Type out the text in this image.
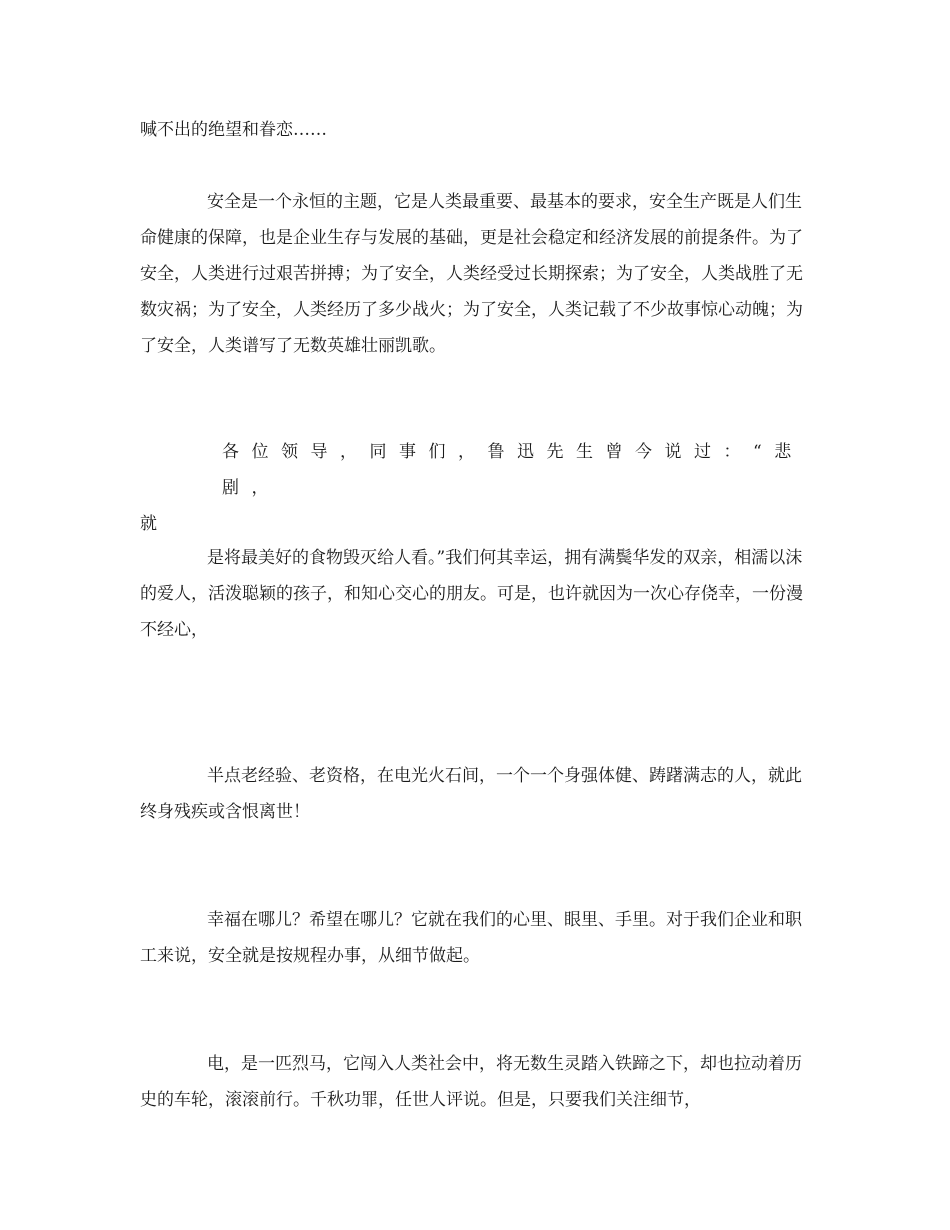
喊不出的绝望和眷恋……

安全是一个永恒的主题，它是人类最重要、最基本的要求，安全生产既是人们生命健康的保障，也是企业生存与发展的基础，更是社会稳定和经济发展的前提条件。为了安全，人类进行过艰苦拼搏；为了安全，人类经受过长期探索；为了安全，人类战胜了无数灾祸；为了安全，人类经历了多少战火；为了安全，人类记载了不少故事惊心动魄；为了安全，人类谱写了无数英雄壮丽凯歌。

各位领导，同事们，鲁迅先生曾今说过：“悲剧，
就

是将最美好的食物毁灭给人看。”我们何其幸运，拥有满鬓华发的双亲，相濡以沫的爱人，活泼聪颖的孩子，和知心交心的朋友。可是，也许就因为一次心存侥幸，一份漫不经心，

半点老经验、老资格，在电光火石间，一个一个身强体健、踌躇满志的人，就此终身残疾或含恨离世！

幸福在哪儿？希望在哪儿？它就在我们的心里、眼里、手里。对于我们企业和职工来说，安全就是按规程办事，从细节做起。

电，是一匹烈马，它闯入人类社会中，将无数生灵踏入铁蹄之下，却也拉动着历史的车轮，滚滚前行。千秋功罪，任世人评说。但是，只要我们关注细节，
